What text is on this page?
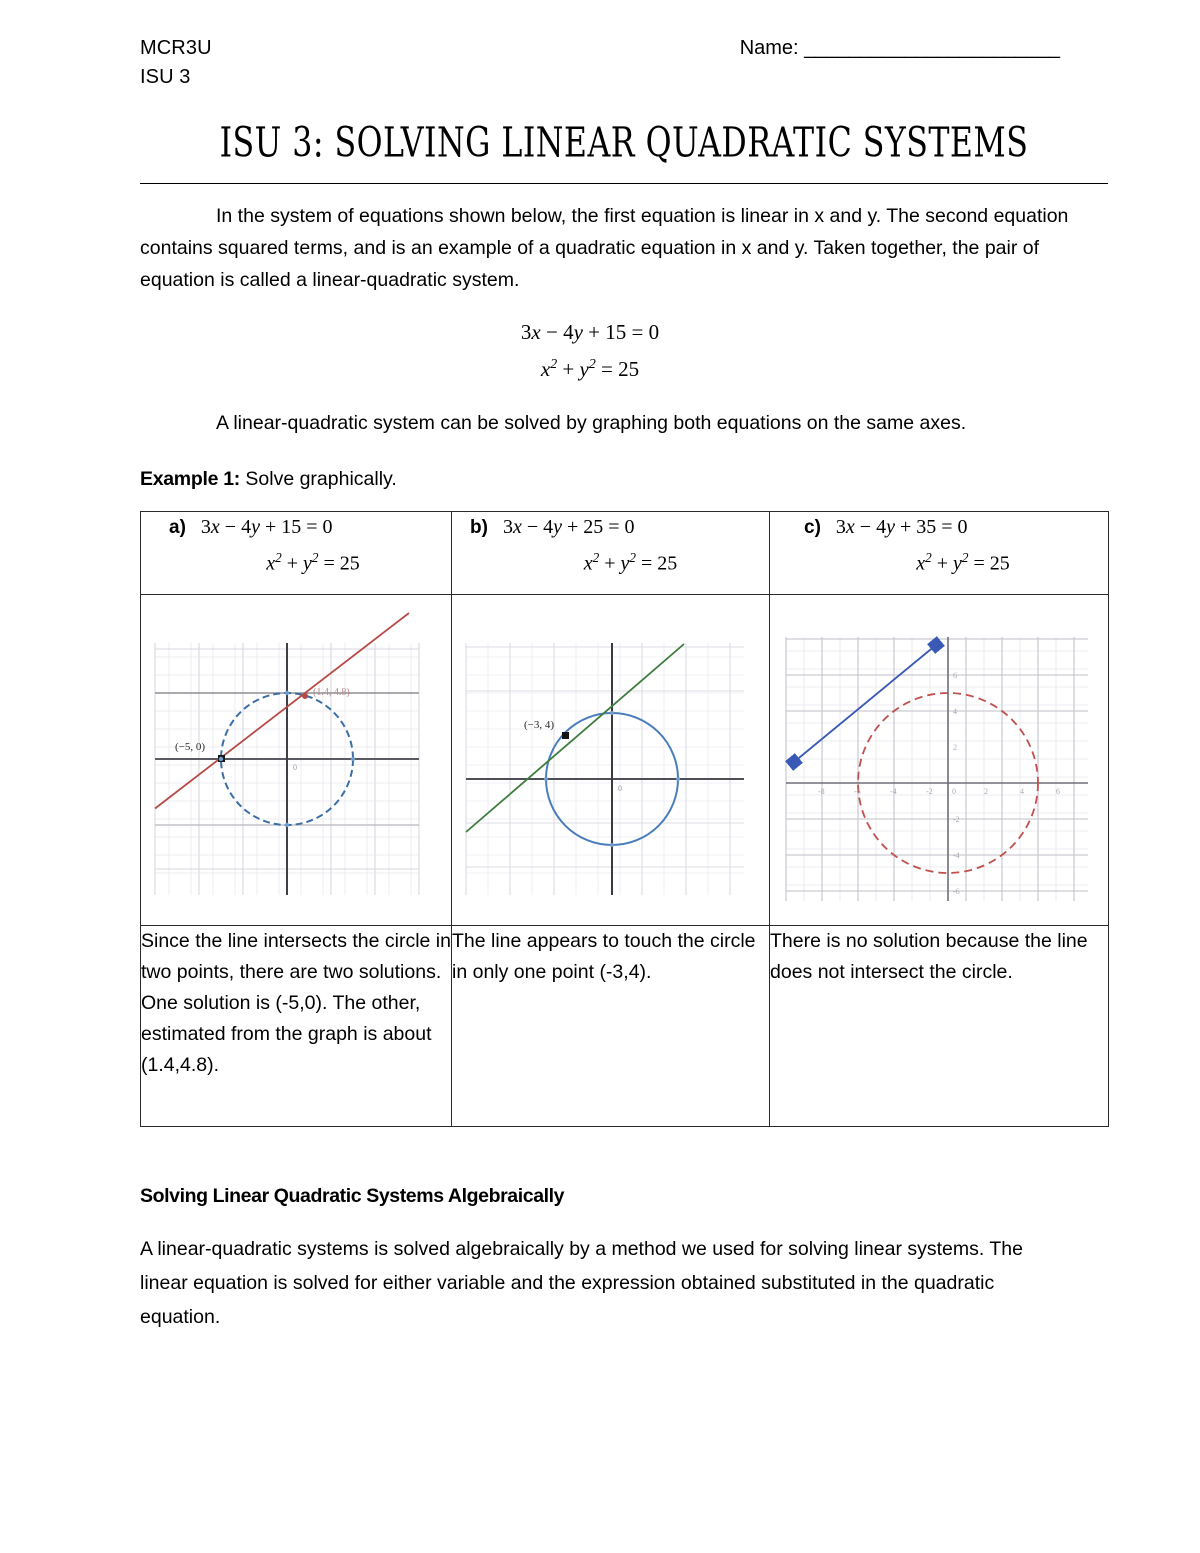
MCR3U
ISU 3
Name: _______________________
ISU 3: SOLVING LINEAR QUADRATIC SYSTEMS
In the system of equations shown below, the first equation is linear in x and y. The second equation contains squared terms, and is an example of a quadratic equation in x and y. Taken together, the pair of equation is called a linear-quadratic system.
3x − 4y + 15 = 0
$x^2 + y^2 = 25$
A linear-quadratic system can be solved by graphing both equations on the same axes.
Example 1: Solve graphically.
a)   3x − 4y + 15 = 0
$x^2 + y^2 = 25$

b)   3x − 4y + 25 = 0
$x^2 + y^2 = 25$

c)   3x − 4y + 35 = 0
$x^2 + y^2 = 25$

(−5, 0)
(1.4, 4.8)
0

(−3, 4)
0	-8	-6	-4	-2 0	2	4	6
6
4
2
-2
-4
-6

Since the line intersects the circle in two points, there are two solutions. One solution is (-5,0). The other, estimated from the graph is about (1.4,4.8).	The line appears to touch the circle in only one point (-3,4).	There is no solution because the line does not intersect the circle.
Solving Linear Quadratic Systems Algebraically
A linear-quadratic systems is solved algebraically by a method we used for solving linear systems. The linear equation is solved for either variable and the expression obtained substituted in the quadratic equation.
